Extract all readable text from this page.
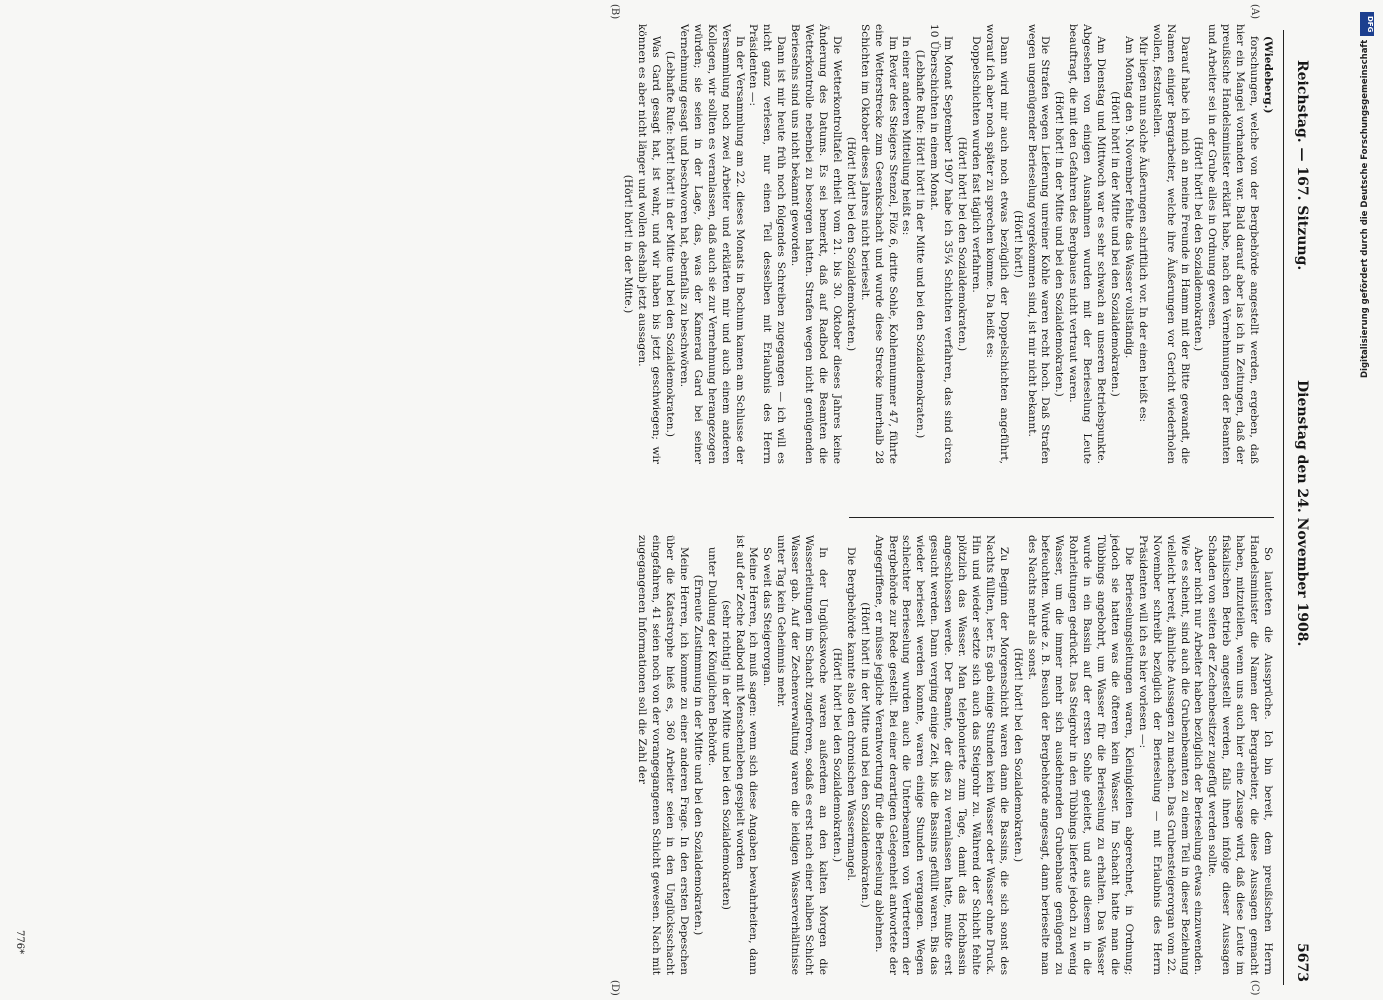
Reichstag. — 167. Sitzung.
Dienstag den 24. November 1908.
5673
(A)
(B)
(C)
(D)

(Wiedeberg.)

forschungen, welche von der Bergbehörde angestellt werden, ergeben, daß hier ein Mangel vorhanden war. Bald darauf aber las ich in Zeitungen, daß der preußische Handelsminister erklärt habe, nach den Vernehmungen der Beamten und Arbeiter sei in der Grube alles in Ordnung gewesen.

(Hört! hört! bei den Sozialdemokraten.)

Darauf habe ich mich an meine Freunde in Hamm mit der Bitte gewandt, die Namen einiger Bergarbeiter, welche ihre Äußerungen vor Gericht wiederholen wollen, festzustellen.

Mir liegen nun solche Äußerungen schriftlich vor. In der einen heißt es:

Am Montag den 9. November fehlte das Wasser vollständig.

(Hört! hört! in der Mitte und bei den Sozialdemokraten.)

Am Dienstag und Mittwoch war es sehr schwach an unseren Betriebspunkte. Abgesehen von einigen Ausnahmen wurden mit der Berieselung Leute beauftragt, die mit den Gefahren des Bergbaues nicht vertraut waren.

(Hört! hört! in der Mitte und bei den Sozialdemokraten.)

Die Strafen wegen Lieferung unreiner Kohle waren recht hoch. Daß Strafen wegen ungenügender Berieselung vorgekommen sind, ist mir nicht bekannt.

(Hört! hört!)

Dann wird mir auch noch etwas bezüglich der Doppelschichten angeführt, worauf ich aber noch später zu sprechen komme. Da heißt es:

Doppelschichten wurden fast täglich verfahren.

(Hört! hört! bei den Sozialdemokraten.)

Im Monat September 1907 habe ich 35¼ Schichten verfahren, das sind circa 10 Überschichten in einem Monat.

(Lebhafte Rufe: Hört! hört! in der Mitte und bei den Sozialdemokraten.)

In einer anderen Mitteilung heißt es:

Im Revier des Steigers Stenzel, Flöz 6, dritte Sohle, Kohlennummer 47, führte eine Wetterstrecke zum Gesenkschacht und wurde diese Strecke innerhalb 28 Schichten im Oktober dieses Jahres nicht berieselt.

(Hört! hört! bei den Sozialdemokraten.)

Die Wetterkontrolltafel erhielt vom 21. bis 30. Oktober dieses Jahres keine Änderung des Datums. Es sei bemerkt, daß auf Radbod die Beamten die Wetterkontrolle nebenbei zu besorgen hatten. Strafen wegen nicht genügenden Berieselns sind uns nicht bekannt geworden.

Dann ist mir heute früh noch folgendes Schreiben zugegangen — ich will es nicht ganz verlesen, nur einen Teil desselben mit Erlaubnis des Herrn Präsidenten —:

In der Versammlung am 22. dieses Monats in Bochum kamen am Schlusse der Versammlung noch zwei Arbeiter und erklärten mir und auch einem anderen Kollegen, wir sollten es veranlassen, daß auch sie zur Vernehmung herangezogen würden; sie seien in der Lage, das, was der Kamerad Gard bei seiner Vernehmung gesagt und beschworen hat, ebenfalls zu beschwören.

(Lebhafte Rufe: hört! hört! in der Mitte und bei den Sozialdemokraten.)

Was Gard gesagt hat, ist wahr, und wir haben bis jetzt geschwiegen; wir können es aber nicht länger und wollen deshalb jetzt aussagen.

(Hört! hört! in der Mitte.)

So lauteten die Aussprüche. Ich bin bereit, dem preußischen Herrn Handelsminister die Namen der Bergarbeiter, die diese Aussagen gemacht haben, mitzuteilen, wenn uns auch hier eine Zusage wird, daß diese Leute im fiskalischen Betrieb angestellt werden, falls ihnen infolge dieser Aussagen Schaden von seiten der Zechenbesitzer zugefügt werden sollte.

Aber nicht nur Arbeiter haben bezüglich der Berieselung etwas einzuwenden. Wie es scheint, sind auch die Grubenbeamten zu einem Teil in dieser Beziehung vielleicht bereit, ähnliche Aussagen zu machen. Das Grubensteigerorgan vom 22. November schreibt bezüglich der Berieselung — mit Erlaubnis des Herrn Präsidenten will ich es hier vorlesen —:

Die Berieselungsleitungen waren, Kleinigkeiten abgerechnet, in Ordnung; jedoch sie hatten was die öfteren kein Wasser. Im Schacht hatte man die Tübbings angebohrt, um Wasser für die Berieselung zu erhalten. Das Wasser wurde in ein Bassin auf der ersten Sohle geleitet, und aus diesem in die Rohrleitungen gedrückt. Das Steigrohr in den Tübbings lieferte jedoch zu wenig Wasser, um die immer mehr sich ausdehnenden Grubenbaue genügend zu befeuchten. Wurde z. B. Besuch der Bergbehörde angesagt, dann berieselte man des Nachts mehr als sonst.

(Hört! hört! bei den Sozialdemokraten.)

Zu Beginn der Morgenschicht waren dann die Bassins, die sich sonst des Nachts füllten, leer. Es gab einige Stunden kein Wasser oder Wasser ohne Druck. Hin und wieder setzte sich auch das Steigrohr zu. Während der Schicht fehlte plötzlich das Wasser. Man telephonierte zum Tage, damit das Hochbassin angeschlossen werde. Der Beamte, der dies zu veranlassen hatte, mußte erst gesucht werden. Dann verging einige Zeit, bis die Bassins gefüllt waren. Bis das wieder berieselt werden konnte, waren einige Stunden vergangen. Wegen schlechter Berieselung wurden auch die Unterbeamten von Vertretern der Bergbehörde zur Rede gestellt. Bei einer derartigen Gelegenheit antwortete der Angegriffene, er müsse jegliche Verantwortung für die Berieselung ablehnen.

(Hört! hört! in der Mitte und bei den Sozialdemokraten.)

Die Bergbehörde kannte also den chronischen Wassermangel.

(Hört! hört! bei den Sozialdemokraten.)

In der Unglückswoche waren außerdem an den kalten Morgen die Wasserleitungen im Schacht zugefroren, sodaß es erst nach einer halben Schicht Wasser gab. Auf der Zechenverwaltung waren die leidigen Wasserverhältnisse unter Tag kein Geheimnis mehr.

So weit das Steigerorgan.

Meine Herren, ich muß sagen: wenn sich diese Angaben bewahrheiten, dann ist auf der Zeche Radbod mit Menschenleben gespielt worden

(sehr richtig! in der Mitte und bei den Sozialdemokraten)

unter Duldung der Königlichen Behörde.

(Erneute Zustimmung in der Mitte und bei den Sozialdemokraten.)

Meine Herren, ich komme zu einer anderen Frage. In den ersten Depeschen über die Katastrophe hieß es, 360 Arbeiter seien in den Unglücksschacht eingefahren, 41 seien noch von der vorangegangenen Schicht gewesen. Nach mit zugegangenen Informationen soll die Zahl der

776*
DFG
Digitalisierung gefördert durch die Deutsche Forschungsgemeinschaft
